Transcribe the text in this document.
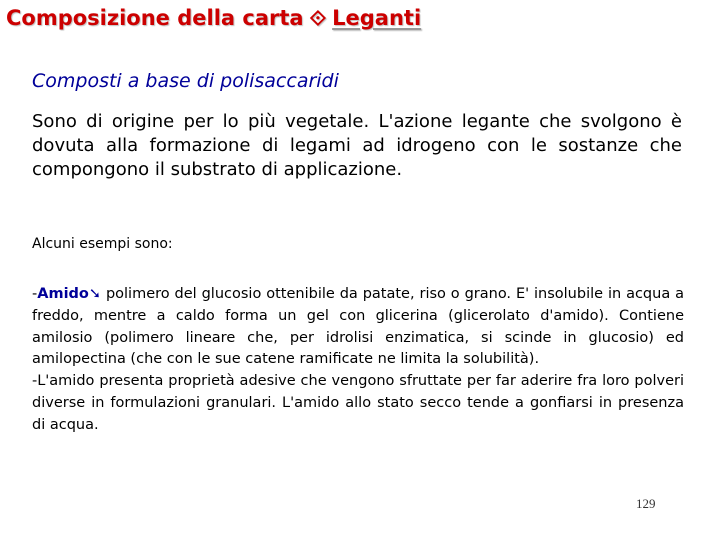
Composizione della carta ⟐ Leganti
Composti a base di polisaccaridi

Sono di origine per lo più vegetale. L'azione legante che svolgono è dovuta alla formazione di legami ad idrogeno con le sostanze che compongono il substrato di applicazione.

Alcuni esempi sono:

-Amido➘ polimero del glucosio ottenibile da patate, riso o grano. E' insolubile in acqua a freddo, mentre a caldo forma un gel con glicerina (glicerolato d'amido). Contiene amilosio (polimero lineare che, per idrolisi enzimatica, si scinde in glucosio) ed amilopectina (che con le sue catene ramificate ne limita la solubilità).
-L'amido presenta proprietà adesive che vengono sfruttate per far aderire fra loro polveri diverse in formulazioni granulari. L'amido allo stato secco tende a gonfiarsi in presenza di acqua.

129
